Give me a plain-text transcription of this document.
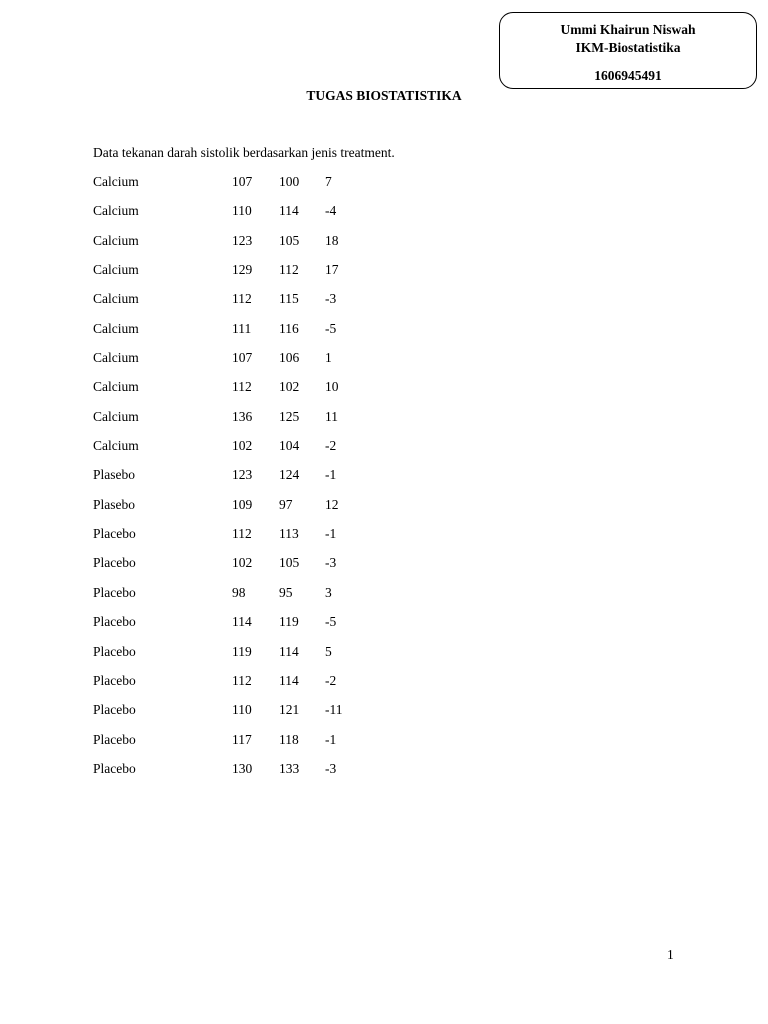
Ummi Khairun Niswah
IKM-Biostatistika
1606945491
TUGAS BIOSTATISTIKA
Data tekanan darah sistolik berdasarkan jenis treatment.
Calcium	107 100 7
Calcium	110 114 -4
Calcium	123 105 18
Calcium	129 112 17
Calcium	112 115 -3
Calcium	111 116 -5
Calcium	107 106 1
Calcium	112 102 10
Calcium	136 125 11
Calcium	102 104 -2
Plasebo	123 124 -1
Plasebo	109 97 12
Placebo	112 113 -1
Placebo	102 105 -3
Placebo	98 95 3
Placebo	114 119 -5
Placebo	119 114 5
Placebo	112 114 -2
Placebo	110 121 -11
Placebo	117 118 -1
Placebo	130 133 -3
1
